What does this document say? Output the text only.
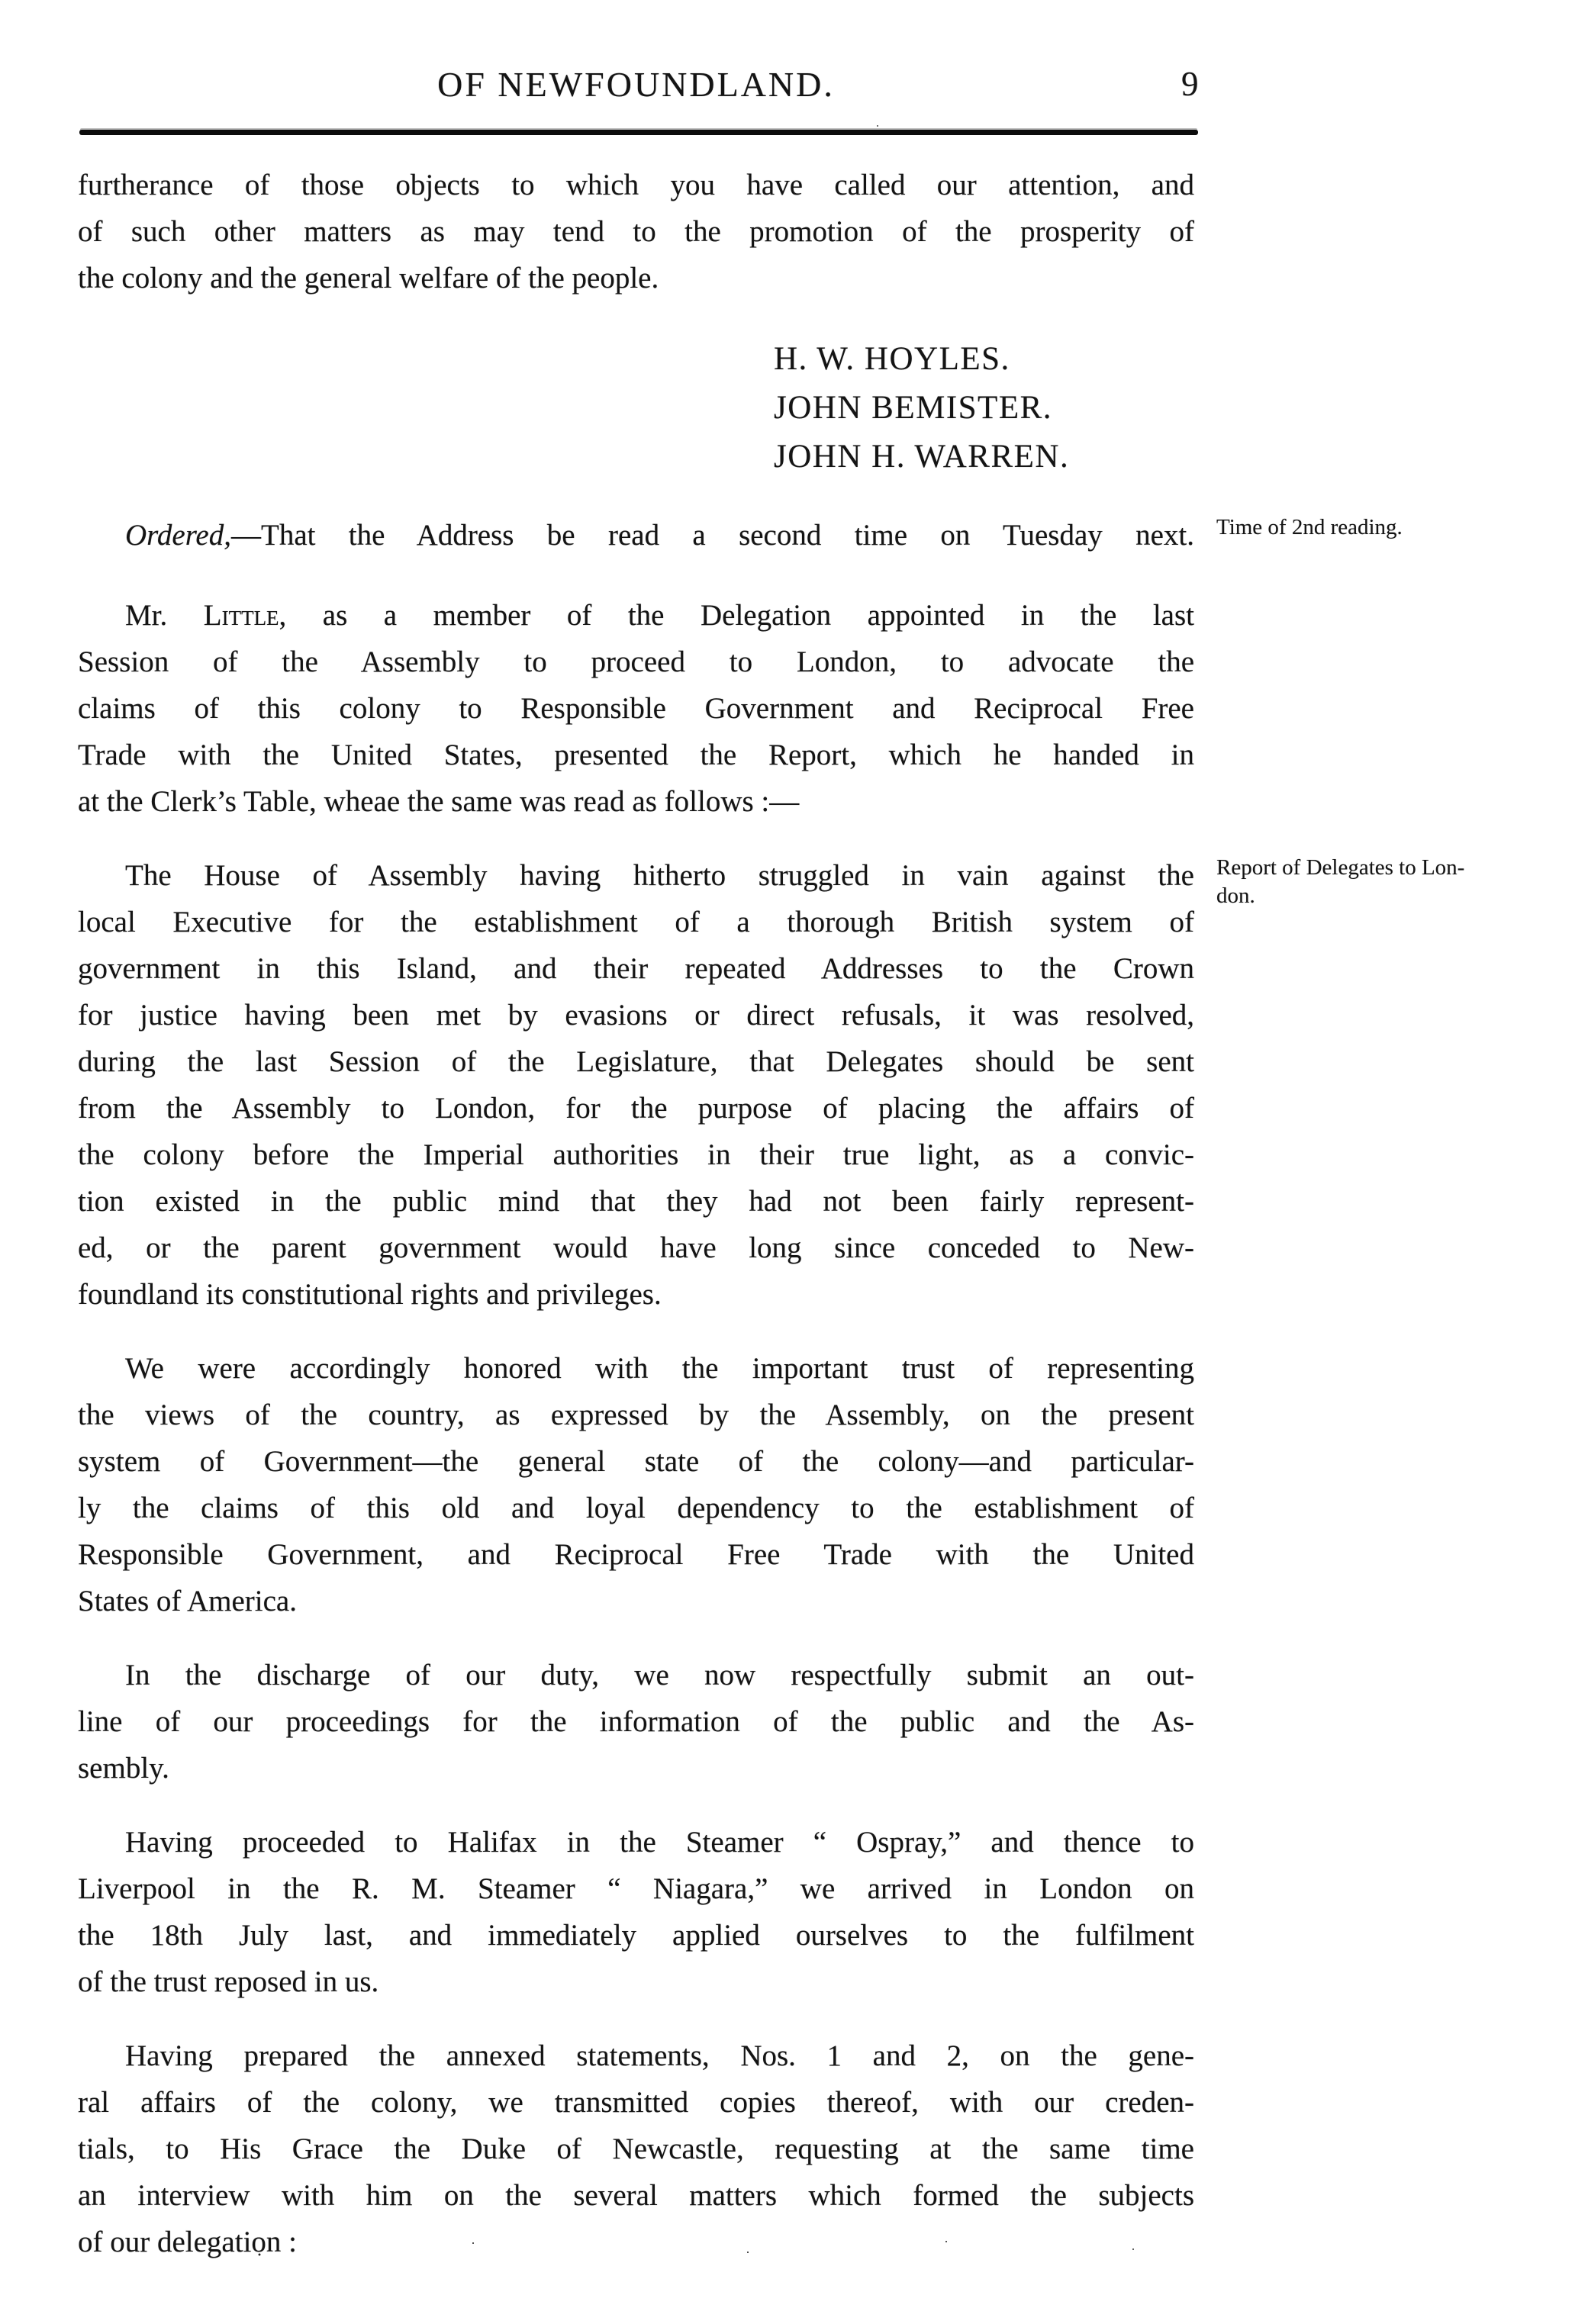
OF NEWFOUNDLAND.	9
furtherance of those objects to which you have called our attention, and
of such other matters as may tend to the promotion of the prosperity of
the colony and the general welfare of the people.
H. W. HOYLES.
JOHN BEMISTER.
JOHN H. WARREN.
Ordered,—That the Address be read a second time on Tuesday next. Time of 2nd reading.
Mr. Little, as a member of the Delegation appointed in the last
Session of the Assembly to proceed to London, to advocate the
claims of this colony to Responsible Government and Reciprocal Free
Trade with the United States, presented the Report, which he handed in
at the Clerk’s Table, wheae the same was read as follows :—
The House of Assembly having hitherto struggled in vain against the
local Executive for the establishment of a thorough British system of
government in this Island, and their repeated Addresses to the Crown
for justice having been met by evasions or direct refusals, it was resolved,
during the last Session of the Legislature, that Delegates should be sent
from the Assembly to London, for the purpose of placing the affairs of
the colony before the Imperial authorities in their true light, as a convic-
tion existed in the public mind that they had not been fairly represent-
ed, or the parent government would have long since conceded to New-
foundland its constitutional rights and privileges.
Report of Delegates to Lon-
don.
We were accordingly honored with the important trust of representing
the views of the country, as expressed by the Assembly, on the present
system of Government—the general state of the colony—and particular-
ly the claims of this old and loyal dependency to the establishment of
Responsible Government, and Reciprocal Free Trade with the United
States of America.
In the discharge of our duty, we now respectfully submit an out-
line of our proceedings for the information of the public and the As-
sembly.
Having proceeded to Halifax in the Steamer “ Ospray,” and thence to
Liverpool in the R. M. Steamer “ Niagara,” we arrived in London on
the 18th July last, and immediately applied ourselves to the fulfilment
of the trust reposed in us.
Having prepared the annexed statements, Nos. 1 and 2, on the gene-
ral affairs of the colony, we transmitted copies thereof, with our creden-
tials, to His Grace the Duke of Newcastle, requesting at the same time
an interview with him on the several matters which formed the subjects
of our delegation :
